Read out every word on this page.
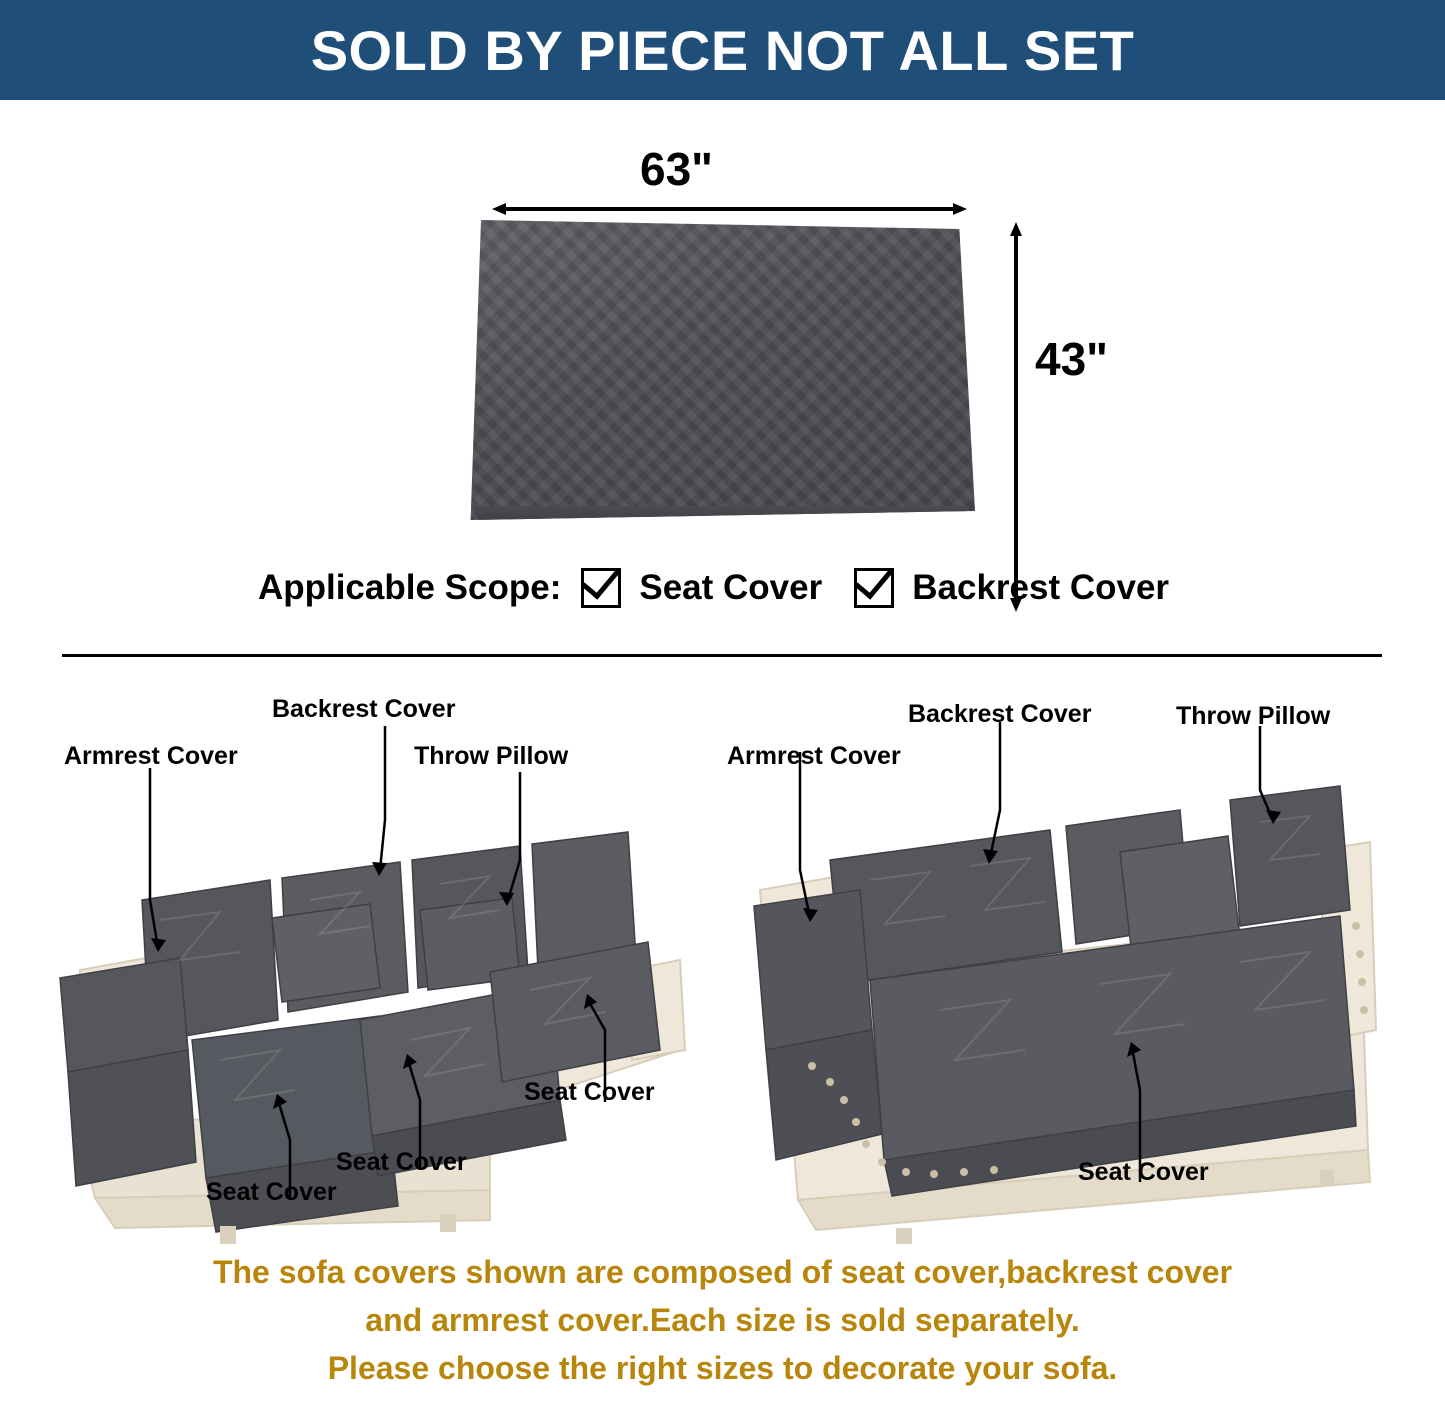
SOLD BY PIECE NOT ALL SET
63"
43"
Applicable Scope: Seat Cover	Backrest Cover
Armrest Cover
Backrest Cover
Throw Pillow
Seat Cover
Seat Cover
Seat Cover
Armrest Cover
Backrest Cover	Throw Pillow
Seat Cover
The sofa covers shown are composed of seat cover,backrest cover
and armrest cover.Each size is sold separately.
Please choose the right sizes to decorate your sofa.
